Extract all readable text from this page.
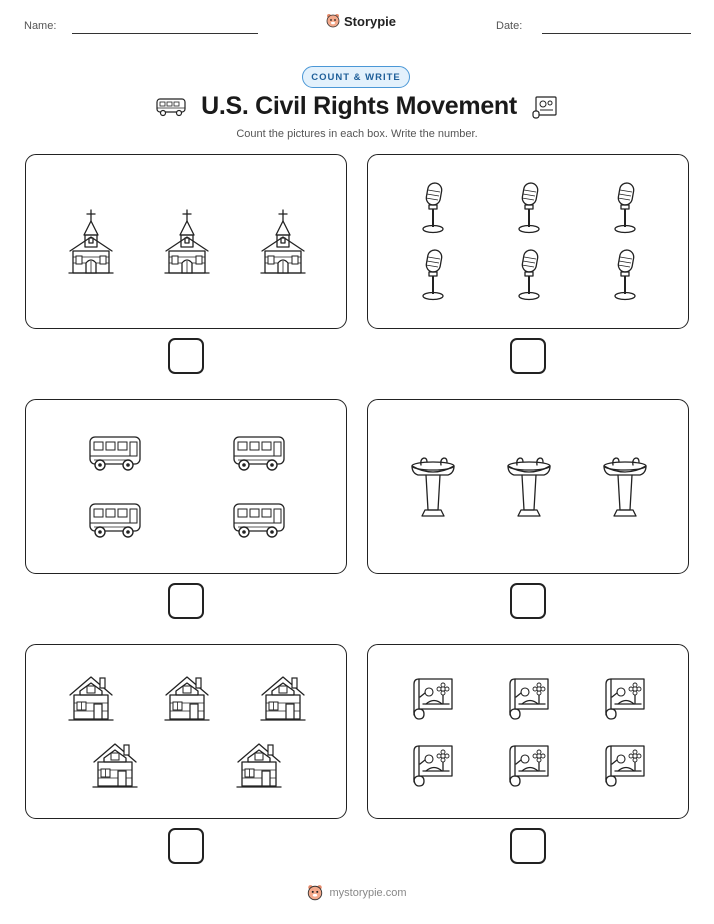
Name:	Storypie	Date:
COUNT & WRITE
U.S. Civil Rights Movement
Count the pictures in each box. Write the number.
mystorypie.com
